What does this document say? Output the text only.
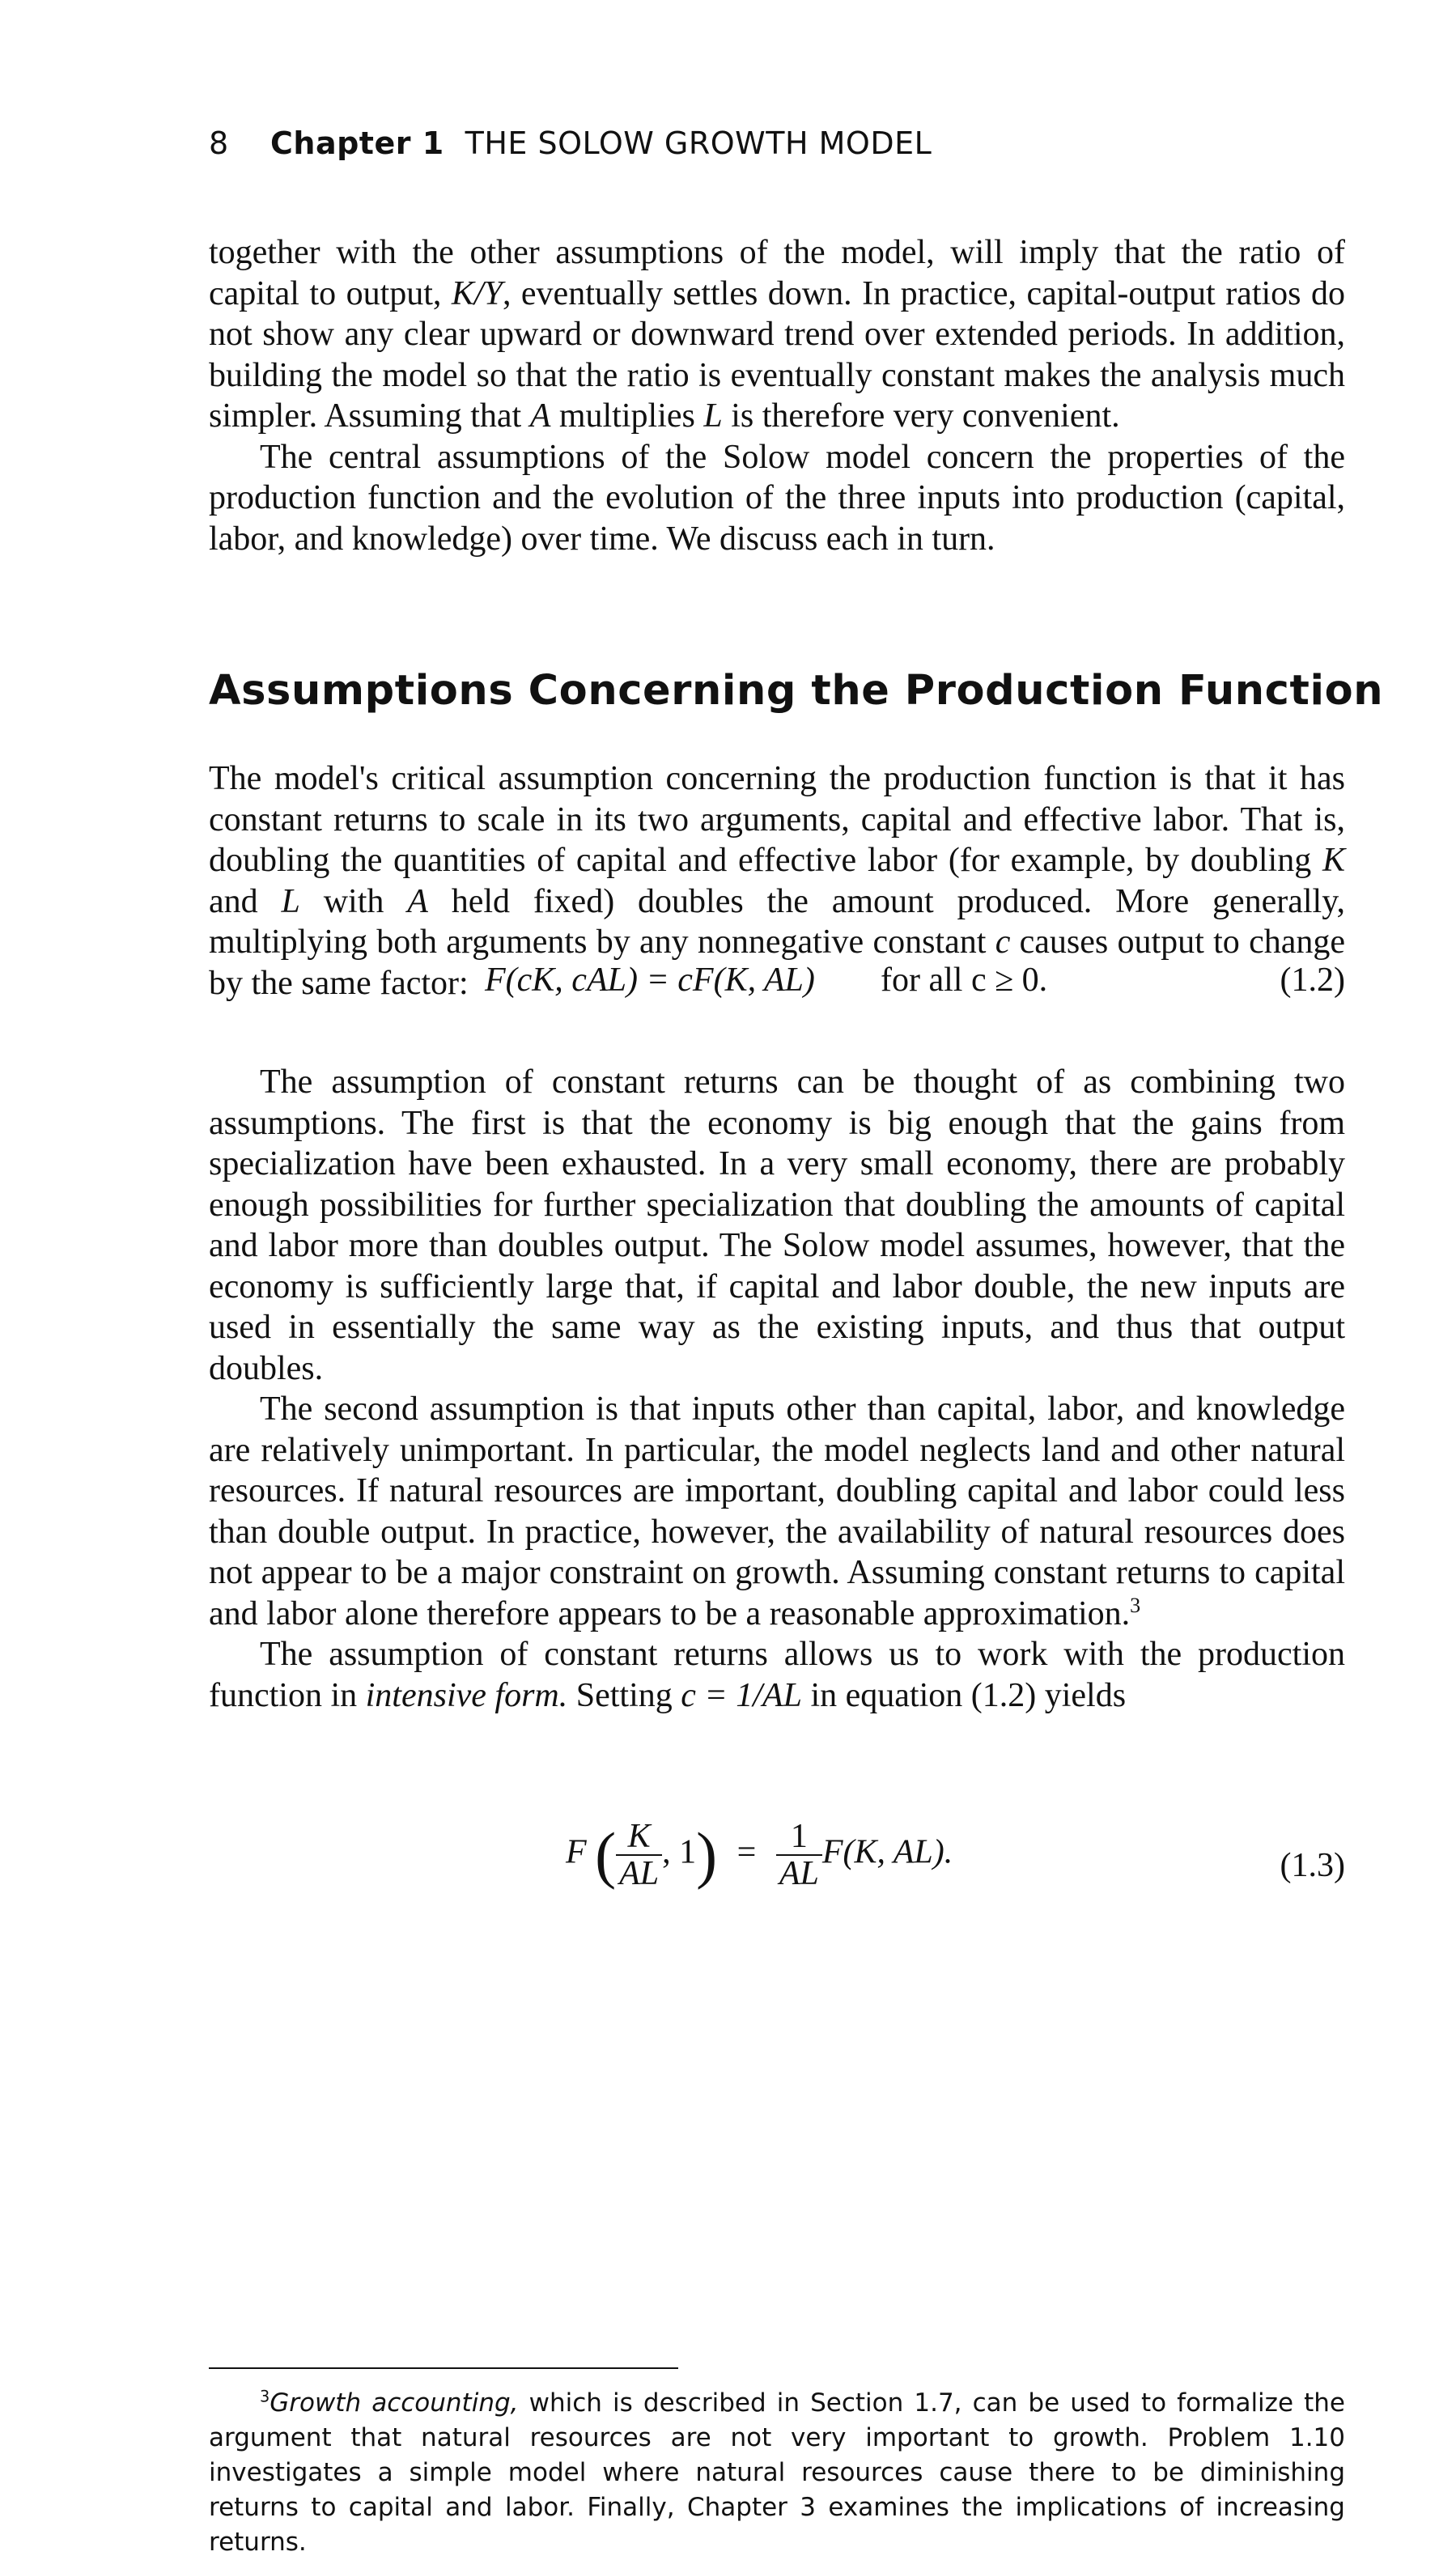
8 Chapter 1 THE SOLOW GROWTH MODEL

together with the other assumptions of the model, will imply that the ratio of capital to output, K/Y, eventually settles down. In practice, capital-output ratios do not show any clear upward or downward trend over extended periods. In addition, building the model so that the ratio is eventually constant makes the analysis much simpler. Assuming that A multiplies L is therefore very convenient.

The central assumptions of the Solow model concern the properties of the production function and the evolution of the three inputs into production (capital, labor, and knowledge) over time. We discuss each in turn.

Assumptions Concerning the Production Function

The model's critical assumption concerning the production function is that it has constant returns to scale in its two arguments, capital and effective labor. That is, doubling the quantities of capital and effective labor (for example, by doubling K and L with A held fixed) doubles the amount produced. More generally, multiplying both arguments by any nonnegative constant c causes output to change by the same factor: F(cK, cAL) = cF(K, AL) for all c ≥ 0.	(1.2)

The assumption of constant returns can be thought of as combining two assumptions. The first is that the economy is big enough that the gains from specialization have been exhausted. In a very small economy, there are probably enough possibilities for further specialization that doubling the amounts of capital and labor more than doubles output. The Solow model assumes, however, that the economy is sufficiently large that, if capital and labor double, the new inputs are used in essentially the same way as the existing inputs, and thus that output doubles.

The second assumption is that inputs other than capital, labor, and knowledge are relatively unimportant. In particular, the model neglects land and other natural resources. If natural resources are important, doubling capital and labor could less than double output. In practice, however, the availability of natural resources does not appear to be a major constraint on growth. Assuming constant returns to capital and labor alone therefore appears to be a reasonable approximation.$^3$

The assumption of constant returns allows us to work with the production function in intensive form. Setting c = 1/AL in equation (1.2) yields

F ( $\frac{K}{AL}$ , $1) = \frac{1}{AL} F(K$, AL).	(1.3)

$^3$Growth accounting, which is described in Section 1.7, can be used to formalize the argument that natural resources are not very important to growth. Problem 1.10 investigates a simple model where natural resources cause there to be diminishing returns to capital and labor. Finally, Chapter 3 examines the implications of increasing returns.
